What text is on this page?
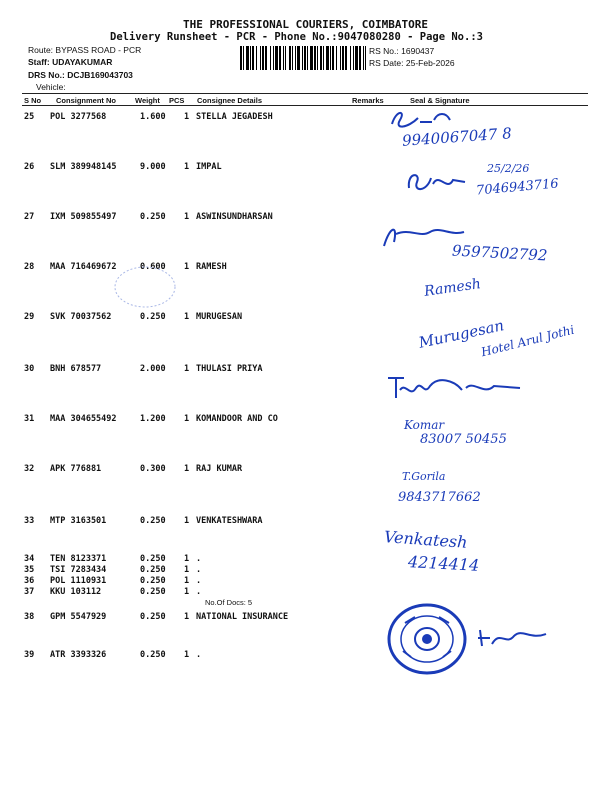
THE PROFESSIONAL COURIERS, COIMBATORE
Delivery Runsheet - PCR - Phone No.:9047080280 - Page No.:3
Route: BYPASS ROAD - PCR
Staff: UDAYAKUMAR
DRS No.: DCJB169043703
Vehicle:
RS No.: 1690437
RS Date: 25-Feb-2026
S No Consignment No	Weight PCS Consignee Details	Remarks	Seal & Signature
25 POL 3277568	1.600 1 STELLA JEGADESH
26 SLM 389948145	9.000 1 IMPAL
27 IXM 509855497	0.250 1 ASWINSUNDHARSAN
28 MAA 716469672	0.600 1 RAMESH
29 SVK 70037562	0.250 1 MURUGESAN
30 BNH 678577	2.000 1 THULASI PRIYA
31 MAA 304655492	1.200 1 KOMANDOOR AND CO
32 APK 776881	0.300 1 RAJ KUMAR
33 MTP 3163501	0.250 1 VENKATESHWARA
34 TEN 8123371	0.250 1 .
35 TSI 7283434	0.250 1 .
36 POL 1110931	0.250 1 .
37 KKU 103112	0.250 1 .
38 GPM 5547929	0.250 1 NATIONAL INSURANCE
39 ATR 3393326	0.250 1 .
No.Of Docs: 5
9940067047 8
25/2/26
7046943716
9597502792
Ramesh
Murugesan
Hotel Arul Jothi
Komar
83007 50455
T.Gorila
9843717662
Venkatesh
4214414
